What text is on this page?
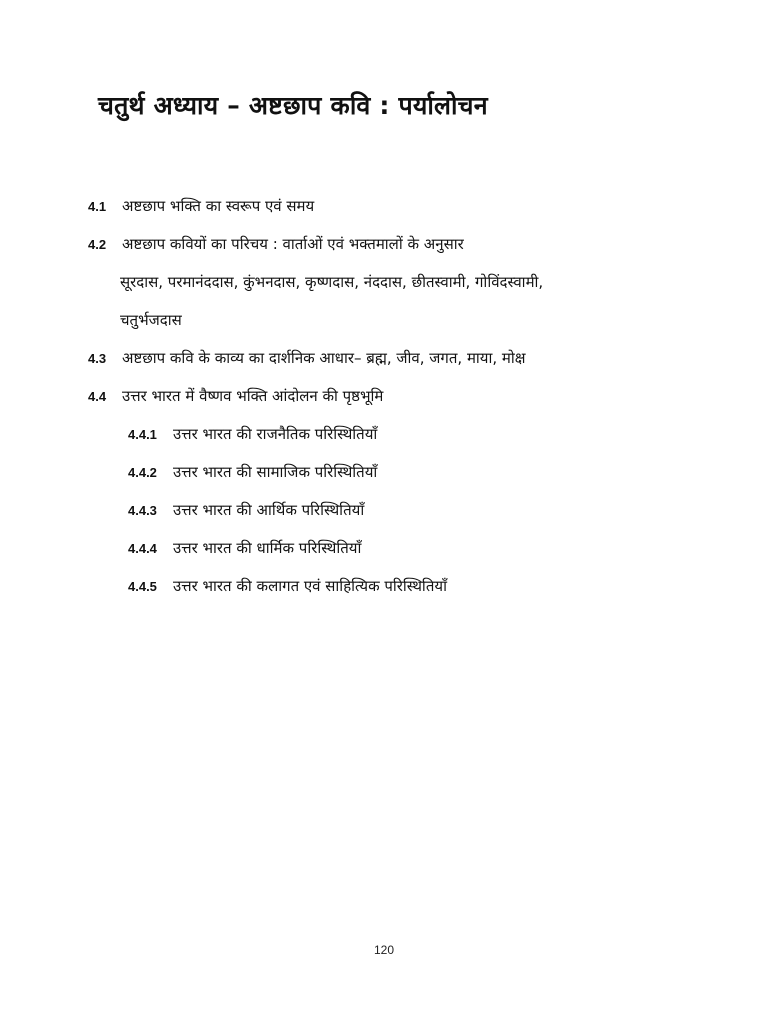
चतुर्थ अध्याय – अष्टछाप कवि : पर्यालोचन
4.1 अष्टछाप भक्ति का स्वरूप एवं समय
4.2 अष्टछाप कवियों का परिचय : वार्ताओं एवं भक्तमालों के अनुसार
सूरदास, परमानंददास, कुंभनदास, कृष्णदास, नंददास, छीतस्वामी, गोविंदस्वामी,
चतुर्भजदास
4.3 अष्टछाप कवि के काव्य का दार्शनिक आधार– ब्रह्म, जीव, जगत, माया, मोक्ष
4.4 उत्तर भारत में वैष्णव भक्ति आंदोलन की पृष्ठभूमि
4.4.1 उत्तर भारत की राजनैतिक परिस्थितियाँ
4.4.2 उत्तर भारत की सामाजिक परिस्थितियाँ
4.4.3 उत्तर भारत की आर्थिक परिस्थितियाँ
4.4.4 उत्तर भारत की धार्मिक परिस्थितियाँ
4.4.5 उत्तर भारत की कलागत एवं साहित्यिक परिस्थितियाँ
120
